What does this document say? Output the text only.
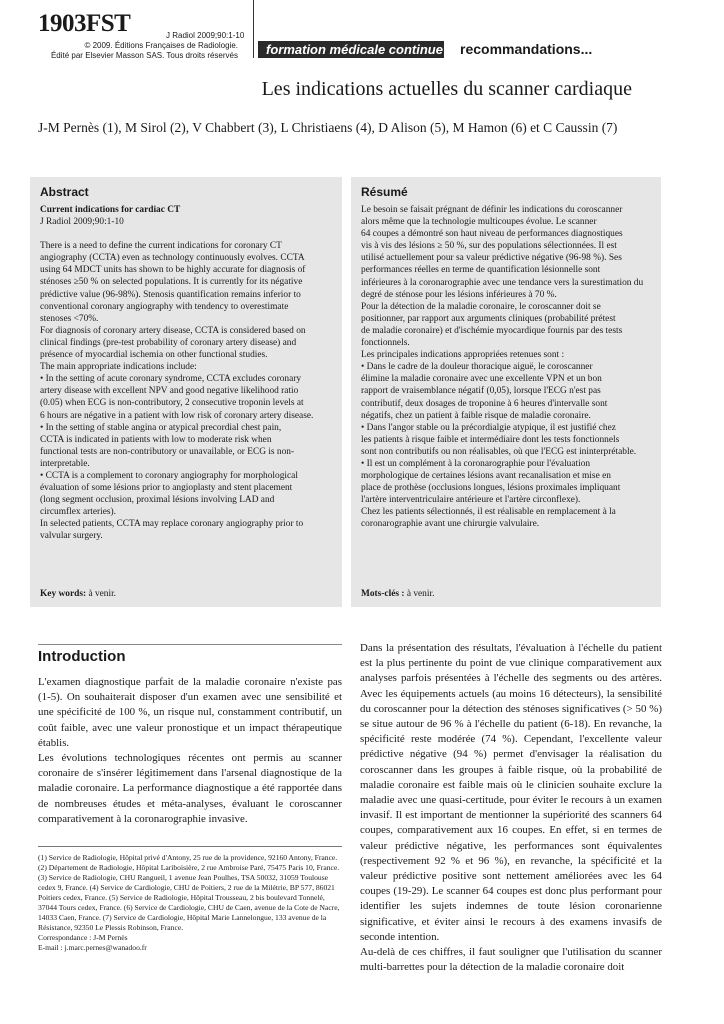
1903FST	J Radiol 2009;90:1-10
© 2009. Éditions Françaises de Radiologie.
Édité par Elsevier Masson SAS. Tous droits réservés	formation médicale continue recommandations...
Les indications actuelles du scanner cardiaque
J-M Pernès (1), M Sirol (2), V Chabbert (3), L Christiaens (4), D Alison (5), M Hamon (6) et C Caussin (7)
Abstract
Current indications for cardiac CT
J Radiol 2009;90:1-10
There is a need to define the current indications for coronary CT
angiography (CCTA) even as technology continuously evolves. CCTA
using 64 MDCT units has shown to be highly accurate for diagnosis of
sténoses ≥50 % on selected populations. It is currently for its négative
prédictive value (96-98%). Stenosis quantification remains inferior to
conventional coronary angiography with tendency to overestimate
stenoses <70%.
For diagnosis of coronary artery disease, CCTA is considered based on
clinical findings (pre-test probability of coronary artery disease) and
présence of myocardial ischemia on other functional studies.
The main appropriate indications include:
• In the setting of acute coronary syndrome, CCTA excludes coronary
artery disease with excellent NPV and good negative likelihood ratio
(0.05) when ECG is non-contributory, 2 consecutive troponin levels at
6 hours are négative in a patient with low risk of coronary artery disease.
• In the setting of stable angina or atypical precordial chest pain,
CCTA is indicated in patients with low to moderate risk when
functional tests are non-contributory or unavailable, or ECG is non-
interpretable.
• CCTA is a complement to coronary angiography for morphological
évaluation of some lésions prior to angioplasty and stent placement
(long segment occlusion, proximal lésions involving LAD and
circumflex arteries).
In selected patients, CCTA may replace coronary angiography prior to
valvular surgery.
Key words: à venir.
Résumé
Le besoin se faisait prégnant de définir les indications du coroscanner
alors même que la technologie multicoupes évolue. Le scanner
64 coupes a démontré son haut niveau de performances diagnostiques
vis à vis des lésions ≥ 50 %, sur des populations sélectionnées. Il est
utilisé actuellement pour sa valeur prédictive négative (96-98 %). Ses
performances réelles en terme de quantification lésionnelle sont
inférieures à la coronarographie avec une tendance vers la surestimation du degré de sténose pour les lésions inférieures à 70 %.
Pour la détection de la maladie coronaire, le coroscanner doit se
positionner, par rapport aux arguments cliniques (probabilité prétest
de maladie coronaire) et d'ischémie myocardique fournis par des tests
fonctionnels.
Les principales indications appropriées retenues sont :
• Dans le cadre de la douleur thoracique aiguë, le coroscanner
élimine la maladie coronaire avec une excellente VPN et un bon
rapport de vraisemblance négatif (0,05), lorsque l'ECG n'est pas
contributif, deux dosages de troponine à 6 heures d'intervalle sont
négatifs, chez un patient à faible risque de maladie coronaire.
• Dans l'angor stable ou la précordialgie atypique, il est justifié chez
les patients à risque faible et intermédiaire dont les tests fonctionnels
sont non contributifs ou non réalisables, où que l'ECG est ininterprétable.
• Il est un complément à la coronarographie pour l'évaluation
morphologique de certaines lésions avant recanalisation et mise en
place de prothèse (occlusions longues, lésions proximales impliquant
l'artère interventriculaire antérieure et l'artère circonflexe).
Chez les patients sélectionnés, il est réalisable en remplacement à la
coronarographie avant une chirurgie valvulaire.
Mots-clés : à venir.
Introduction

L'examen diagnostique parfait de la maladie coronaire n'existe pas (1-5). On souhaiterait disposer d'un examen avec une sensibilité et une spécificité de 100 %, un risque nul, constamment contributif, un coût faible, avec une valeur pronostique et un impact thérapeutique établis.

Les évolutions technologiques récentes ont permis au scanner coronaire de s'insérer légitimement dans l'arsenal diagnostique de la maladie coronaire. La performance diagnostique a été rapportée dans de nombreuses études et méta-analyses, évaluant le coroscanner comparativement à la coronarographie invasive.

Dans la présentation des résultats, l'évaluation à l'échelle du patient est la plus pertinente du point de vue clinique comparativement aux analyses parfois présentées à l'échelle des segments ou des artères. Avec les équipements actuels (au moins 16 détecteurs), la sensibilité du coroscanner pour la détection des sténoses significatives (> 50 %) se situe autour de 96 % à l'échelle du patient (6-18). En revanche, la spécificité reste modérée (74 %). Cependant, l'excellente valeur prédictive négative (94 %) permet d'envisager la réalisation du coroscanner dans les groupes à faible risque, où la probabilité de maladie coronaire est faible mais où le clinicien souhaite exclure la maladie avec une quasi-certitude, pour éviter le recours à un examen invasif. Il est important de mentionner la supériorité des scanners 64 coupes, comparativement aux 16 coupes. En effet, si en termes de valeur prédictive négative, les performances sont équivalentes (respectivement 92 % et 96 %), en revanche, la spécificité et la valeur prédictive positive sont nettement améliorées avec les 64 coupes (19-29). Le scanner 64 coupes est donc plus performant pour identifier les sujets indemnes de toute lésion coronarienne significative, et éviter ainsi le recours à des examens invasifs de seconde intention.

Au-delà de ces chiffres, il faut souligner que l'utilisation du scanner multi-barrettes pour la détection de la maladie coronaire doit

(1) Service de Radiologie, Hôpital privé d'Antony, 25 rue de la providence, 92160 Antony, France. (2) Département de Radiologie, Hôpital Lariboisière, 2 rue Ambroise Paré, 75475 Paris 10, France. (3) Service de Radiologie, CHU Rangueil, 1 avenue Jean Poulhes, TSA 50032, 31059 Toulouse cedex 9, France. (4) Service de Cardiologie, CHU de Poitiers, 2 rue de la Milétrie, BP 577, 86021 Poitiers cedex, France. (5) Service de Radiologie, Hôpital Trousseau, 2 bis boulevard Tonnelé, 37044 Tours cedex, France. (6) Service de Cardiologie, CHU de Caen, avenue de la Cote de Nacre, 14033 Caen, France. (7) Service de Cardiologie, Hôpital Marie Lannelongue, 133 avenue de la Résistance, 92350 Le Plessis Robinson, France.

Correspondance : J-M Pernès

E-mail : j.marc.pernes@wanadoo.fr
